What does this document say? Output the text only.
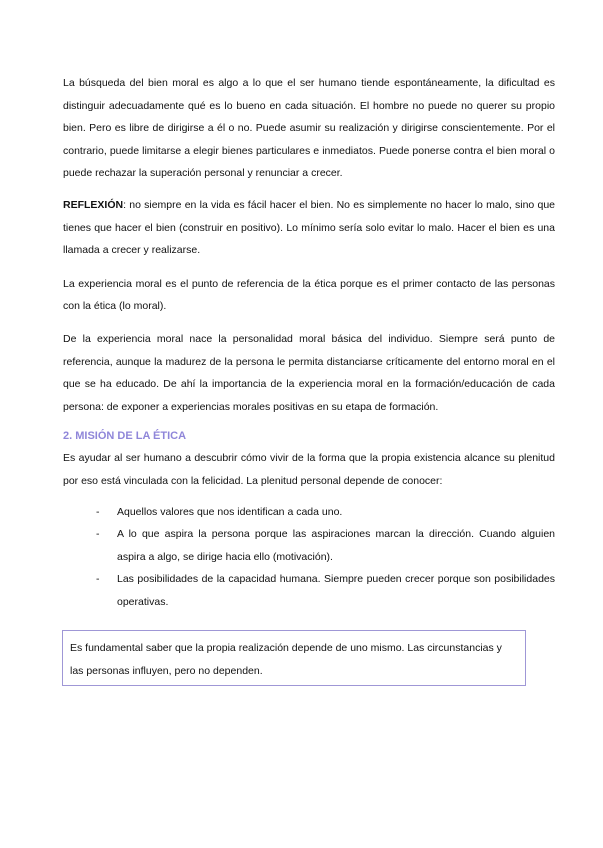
La búsqueda del bien moral es algo a lo que el ser humano tiende espontáneamente, la dificultad es distinguir adecuadamente qué es lo bueno en cada situación. El hombre no puede no querer su propio bien. Pero es libre de dirigirse a él o no. Puede asumir su realización y dirigirse conscientemente. Por el contrario, puede limitarse a elegir bienes particulares e inmediatos. Puede ponerse contra el bien moral o puede rechazar la superación personal y renunciar a crecer.

REFLEXIÓN: no siempre en la vida es fácil hacer el bien. No es simplemente no hacer lo malo, sino que tienes que hacer el bien (construir en positivo). Lo mínimo sería solo evitar lo malo. Hacer el bien es una llamada a crecer y realizarse.

La experiencia moral es el punto de referencia de la ética porque es el primer contacto de las personas con la ética (lo moral).

De la experiencia moral nace la personalidad moral básica del individuo. Siempre será punto de referencia, aunque la madurez de la persona le permita distanciarse críticamente del entorno moral en el que se ha educado. De ahí la importancia de la experiencia moral en la formación/educación de cada persona: de exponer a experiencias morales positivas en su etapa de formación.

2. MISIÓN DE LA ÉTICA

Es ayudar al ser humano a descubrir cómo vivir de la forma que la propia existencia alcance su plenitud por eso está vinculada con la felicidad. La plenitud personal depende de conocer:

- Aquellos valores que nos identifican a cada uno.
- A lo que aspira la persona porque las aspiraciones marcan la dirección. Cuando alguien aspira a algo, se dirige hacia ello (motivación).
- Las posibilidades de la capacidad humana. Siempre pueden crecer porque son posibilidades operativas.

Es fundamental saber que la propia realización depende de uno mismo. Las circunstancias y las personas influyen, pero no dependen.
